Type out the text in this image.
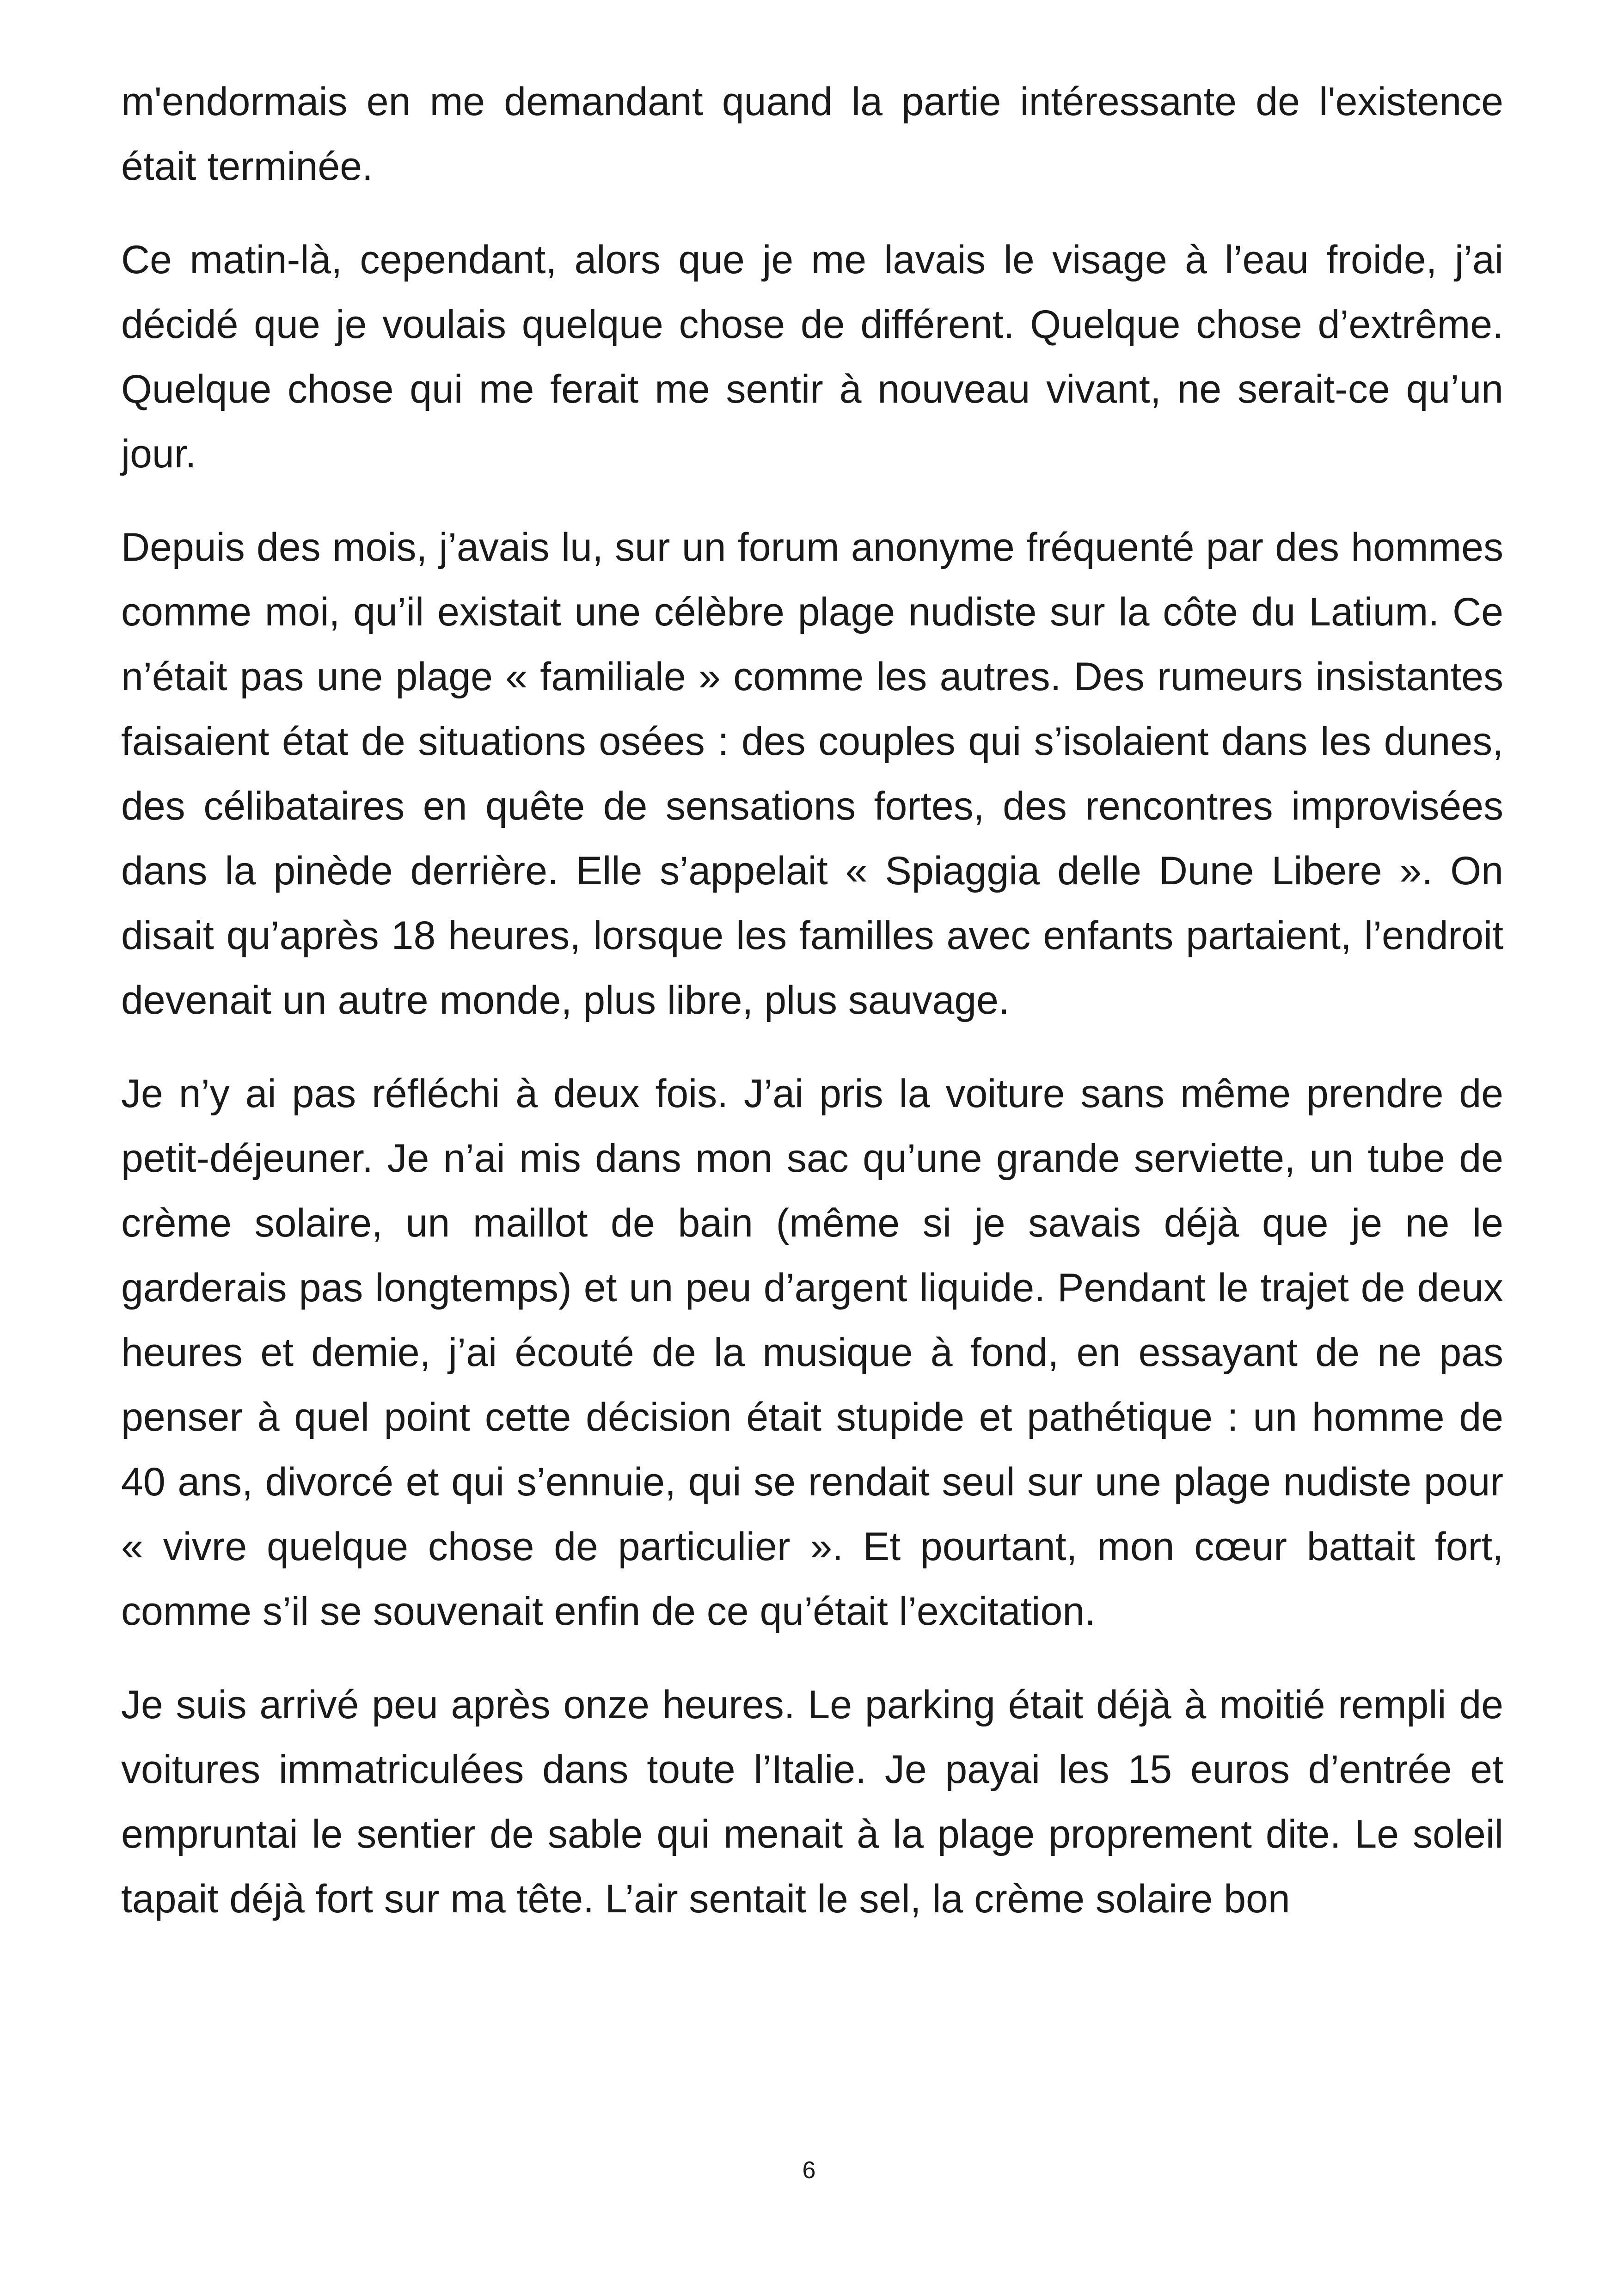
m'endormais en me demandant quand la partie intéressante de l'existence était terminée.

Ce matin-là, cependant, alors que je me lavais le visage à l’eau froide, j’ai décidé que je voulais quelque chose de différent. Quelque chose d’extrême. Quelque chose qui me ferait me sentir à nouveau vivant, ne serait-ce qu’un jour.

Depuis des mois, j’avais lu, sur un forum anonyme fréquenté par des hommes comme moi, qu’il existait une célèbre plage nudiste sur la côte du Latium. Ce n’était pas une plage « familiale » comme les autres. Des rumeurs insistantes faisaient état de situations osées : des couples qui s’isolaient dans les dunes, des célibataires en quête de sensations fortes, des rencontres improvisées dans la pinède derrière. Elle s’appelait « Spiaggia delle Dune Libere ». On disait qu’après 18 heures, lorsque les familles avec enfants partaient, l’endroit devenait un autre monde, plus libre, plus sauvage.

Je n’y ai pas réfléchi à deux fois. J’ai pris la voiture sans même prendre de petit-déjeuner. Je n’ai mis dans mon sac qu’une grande serviette, un tube de crème solaire, un maillot de bain (même si je savais déjà que je ne le garderais pas longtemps) et un peu d’argent liquide. Pendant le trajet de deux heures et demie, j’ai écouté de la musique à fond, en essayant de ne pas penser à quel point cette décision était stupide et pathétique : un homme de 40 ans, divorcé et qui s’ennuie, qui se rendait seul sur une plage nudiste pour « vivre quelque chose de particulier ». Et pourtant, mon cœur battait fort, comme s’il se souvenait enfin de ce qu’était l’excitation.

Je suis arrivé peu après onze heures. Le parking était déjà à moitié rempli de voitures immatriculées dans toute l’Italie. Je payai les 15 euros d’entrée et empruntai le sentier de sable qui menait à la plage proprement dite. Le soleil tapait déjà fort sur ma tête. L’air sentait le sel, la crème solaire bon

6
